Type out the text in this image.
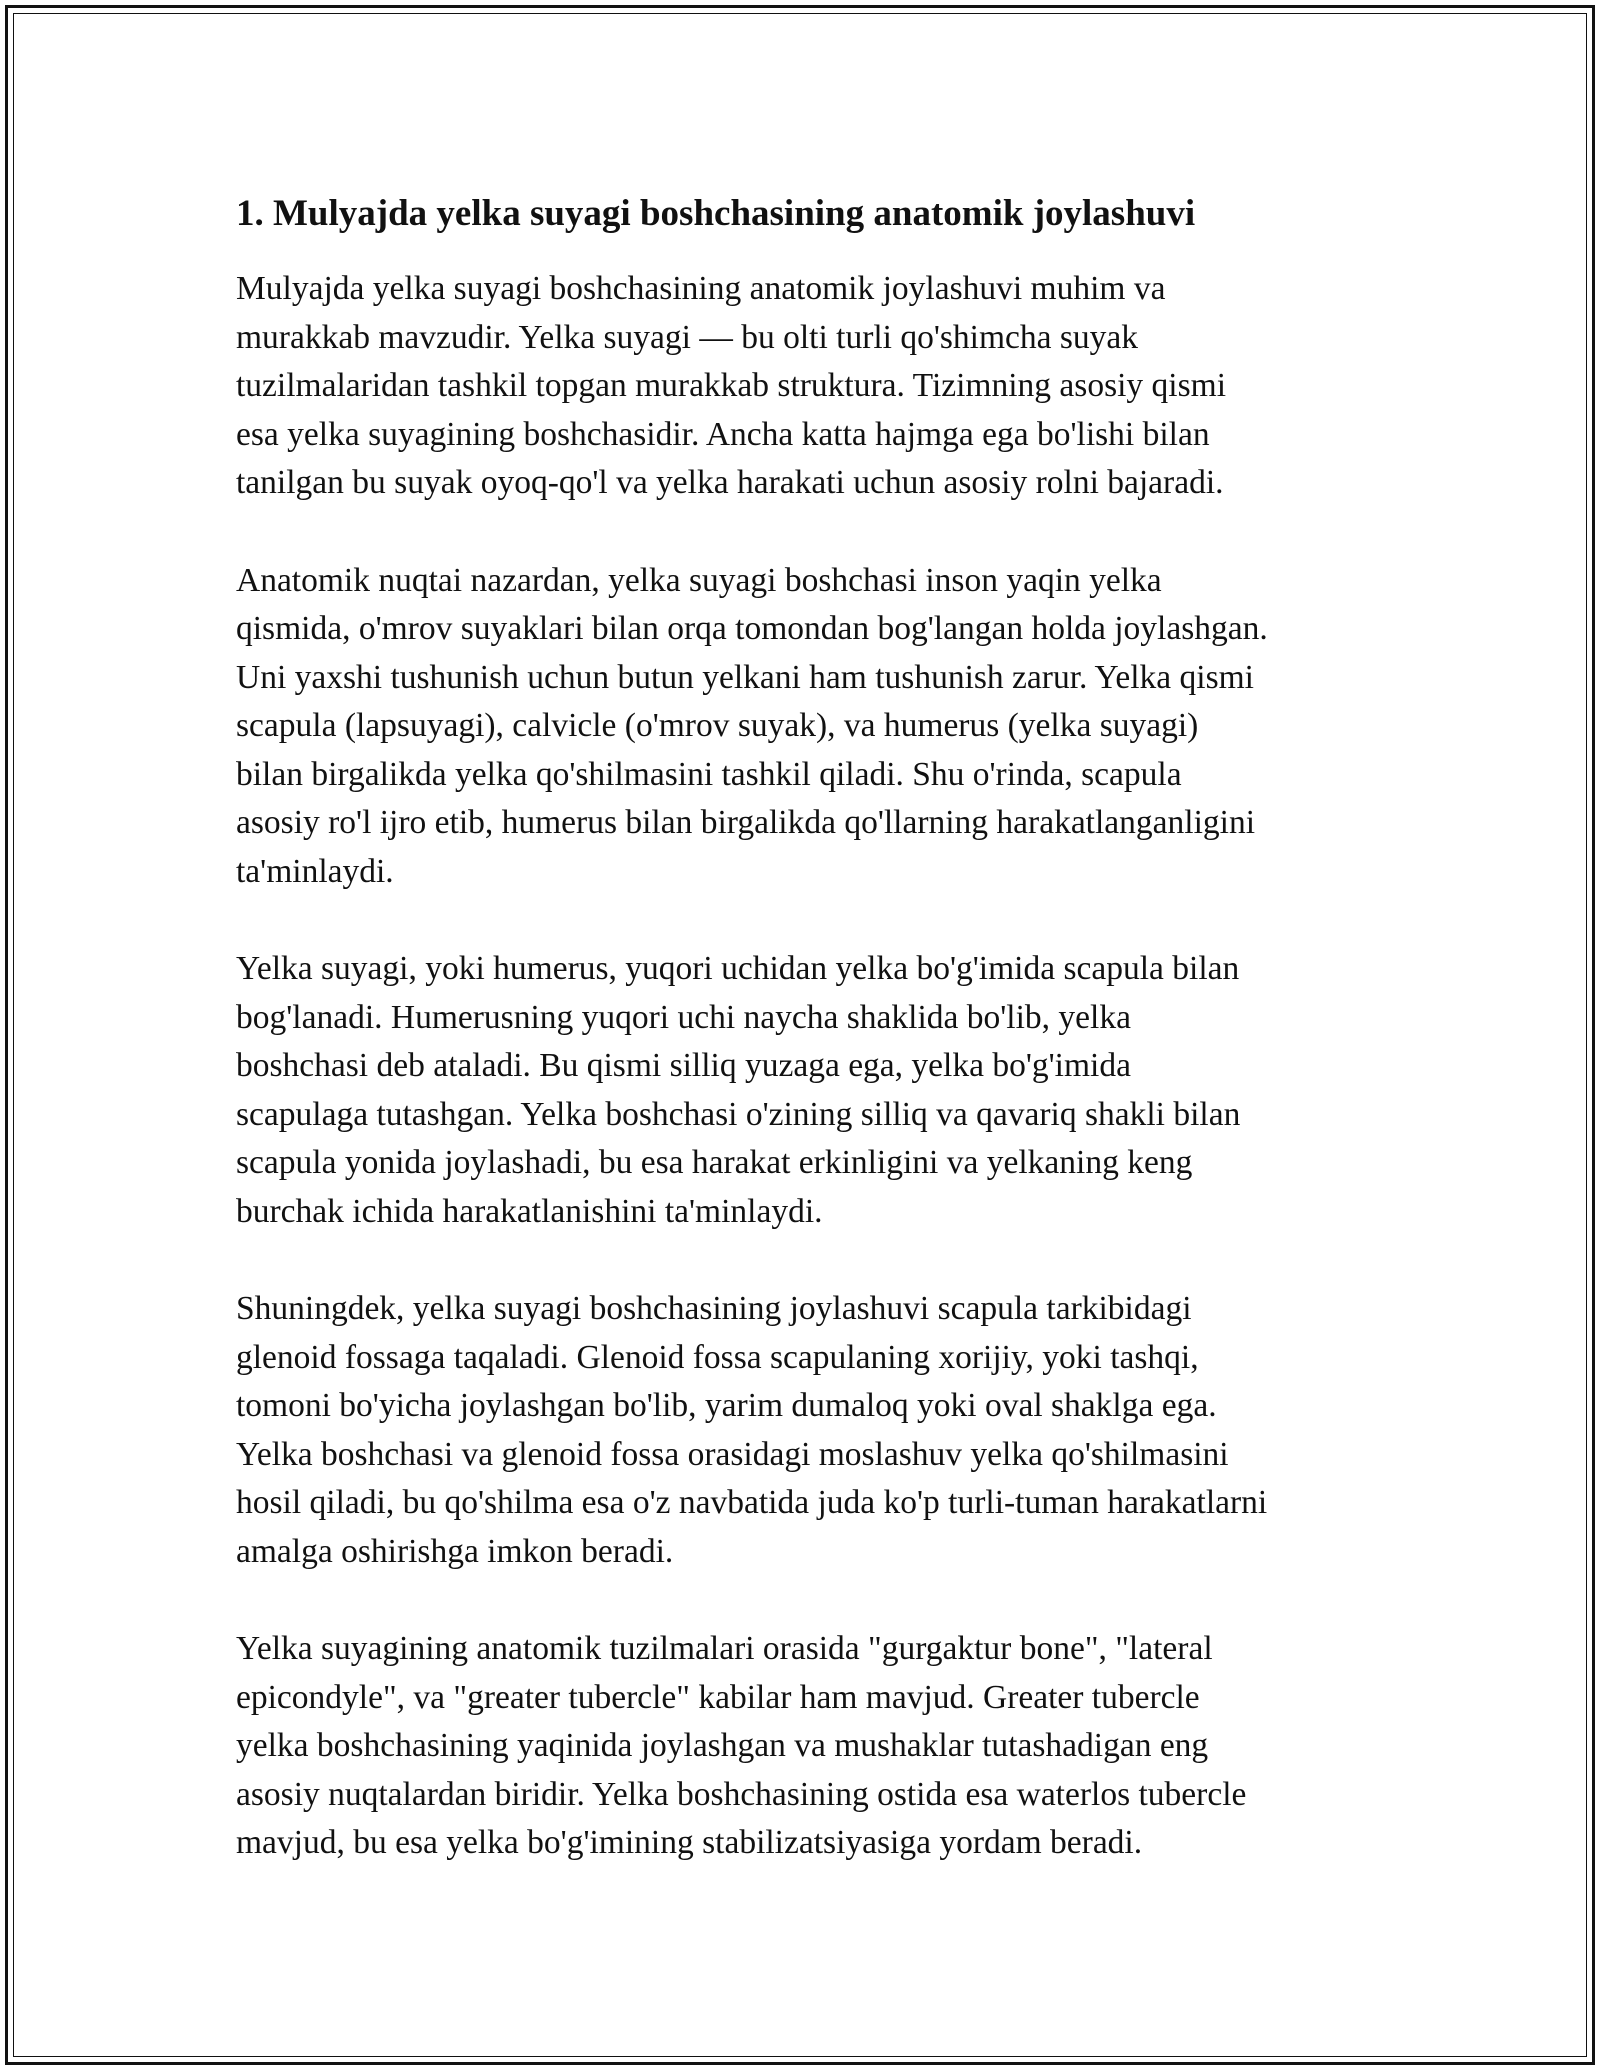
1. Mulyajda yelka suyagi boshchasining anatomik joylashuvi

Mulyajda yelka suyagi boshchasining anatomik joylashuvi muhim va
murakkab mavzudir. Yelka suyagi — bu olti turli qo'shimcha suyak
tuzilmalaridan tashkil topgan murakkab struktura. Tizimning asosiy qismi
esa yelka suyagining boshchasidir. Ancha katta hajmga ega bo'lishi bilan
tanilgan bu suyak oyoq-qo'l va yelka harakati uchun asosiy rolni bajaradi.

Anatomik nuqtai nazardan, yelka suyagi boshchasi inson yaqin yelka
qismida, o'mrov suyaklari bilan orqa tomondan bog'langan holda joylashgan.
Uni yaxshi tushunish uchun butun yelkani ham tushunish zarur. Yelka qismi
scapula (lapsuyagi), calvicle (o'mrov suyak), va humerus (yelka suyagi)
bilan birgalikda yelka qo'shilmasini tashkil qiladi. Shu o'rinda, scapula
asosiy ro'l ijro etib, humerus bilan birgalikda qo'llarning harakatlanganligini
ta'minlaydi.

Yelka suyagi, yoki humerus, yuqori uchidan yelka bo'g'imida scapula bilan
bog'lanadi. Humerusning yuqori uchi naycha shaklida bo'lib, yelka
boshchasi deb ataladi. Bu qismi silliq yuzaga ega, yelka bo'g'imida
scapulaga tutashgan. Yelka boshchasi o'zining silliq va qavariq shakli bilan
scapula yonida joylashadi, bu esa harakat erkinligini va yelkaning keng
burchak ichida harakatlanishini ta'minlaydi.

Shuningdek, yelka suyagi boshchasining joylashuvi scapula tarkibidagi
glenoid fossaga taqaladi. Glenoid fossa scapulaning xorijiy, yoki tashqi,
tomoni bo'yicha joylashgan bo'lib, yarim dumaloq yoki oval shaklga ega.
Yelka boshchasi va glenoid fossa orasidagi moslashuv yelka qo'shilmasini
hosil qiladi, bu qo'shilma esa o'z navbatida juda ko'p turli-tuman harakatlarni
amalga oshirishga imkon beradi.

Yelka suyagining anatomik tuzilmalari orasida "gurgaktur bone", "lateral
epicondyle", va "greater tubercle" kabilar ham mavjud. Greater tubercle
yelka boshchasining yaqinida joylashgan va mushaklar tutashadigan eng
asosiy nuqtalardan biridir. Yelka boshchasining ostida esa waterlos tubercle
mavjud, bu esa yelka bo'g'imining stabilizatsiyasiga yordam beradi.
